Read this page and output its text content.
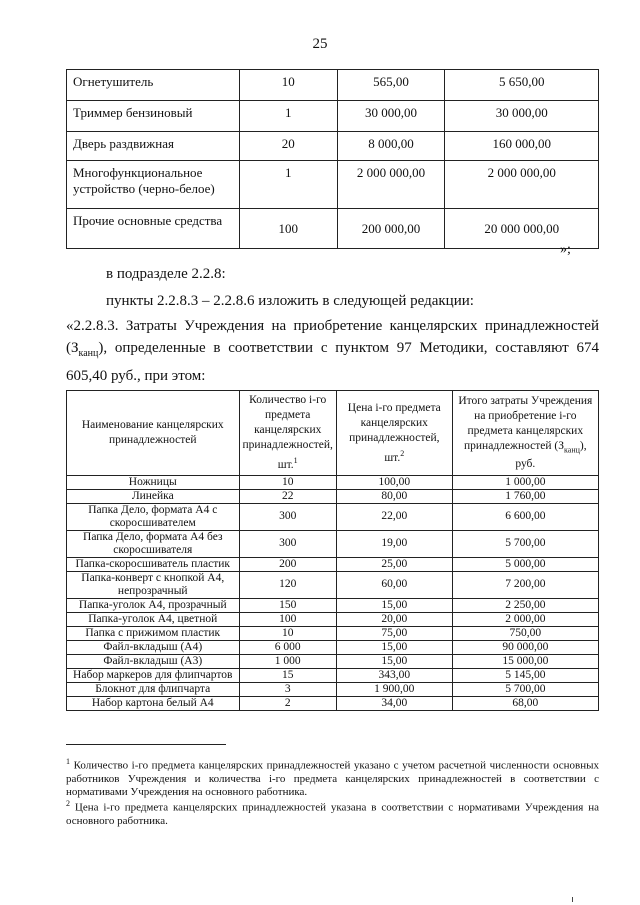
25
Огнетушитель	10	565,00	5 650,00
Триммер бензиновый	1	30 000,00	30 000,00
Дверь раздвижная	20	8 000,00	160 000,00
Многофункциональное устройство (черно-белое)	1	2 000 000,00	2 000 000,00
Прочие основные средства	100	200 000,00	20 000 000,00
»;
в подразделе 2.2.8:
пункты 2.2.8.3 – 2.2.8.6 изложить в следующей редакции:
«2.2.8.3. Затраты Учреждения на приобретение канцелярских принадлежностей $(З_{канц})$, определенные в соответствии с пунктом 97 Методики, составляют 674 605,40 руб., при этом:
Наименование канцелярских принадлежностей	Количество i-го предмета канцелярских принадлежностей, шт.$^1$	Цена i-го предмета канцелярских принадлежностей, шт.$^2$	Итого затраты Учреждения на приобретение i-го предмета канцелярских принадлежностей $(З_{канц})$, руб.
Ножницы	10	100,00	1 000,00
Линейка	22	80,00	1 760,00
Папка Дело, формата А4 с скоросшивателем	300	22,00	6 600,00
Папка Дело, формата А4 без скоросшивателя	300	19,00	5 700,00
Папка-скоросшиватель пластик	200	25,00	5 000,00
Папка-конверт с кнопкой А4, непрозрачный	120	60,00	7 200,00
Папка-уголок А4, прозрачный	150	15,00	2 250,00
Папка-уголок А4, цветной	100	20,00	2 000,00
Папка с прижимом пластик	10	75,00	750,00
Файл-вкладыш (А4)	6 000	15,00	90 000,00
Файл-вкладыш (А3)	1 000	15,00	15 000,00
Набор маркеров для флипчартов	15	343,00	5 145,00
Блокнот для флипчарта	3	1 900,00	5 700,00
Набор картона белый А4	2	34,00	68,00
$^1$ Количество i-го предмета канцелярских принадлежностей указано с учетом расчетной численности основных работников Учреждения и количества i-го предмета канцелярских принадлежностей в соответствии с нормативами Учреждения на основного работника.
$^2$ Цена i-го предмета канцелярских принадлежностей указана в соответствии с нормативами Учреждения на основного работника.
